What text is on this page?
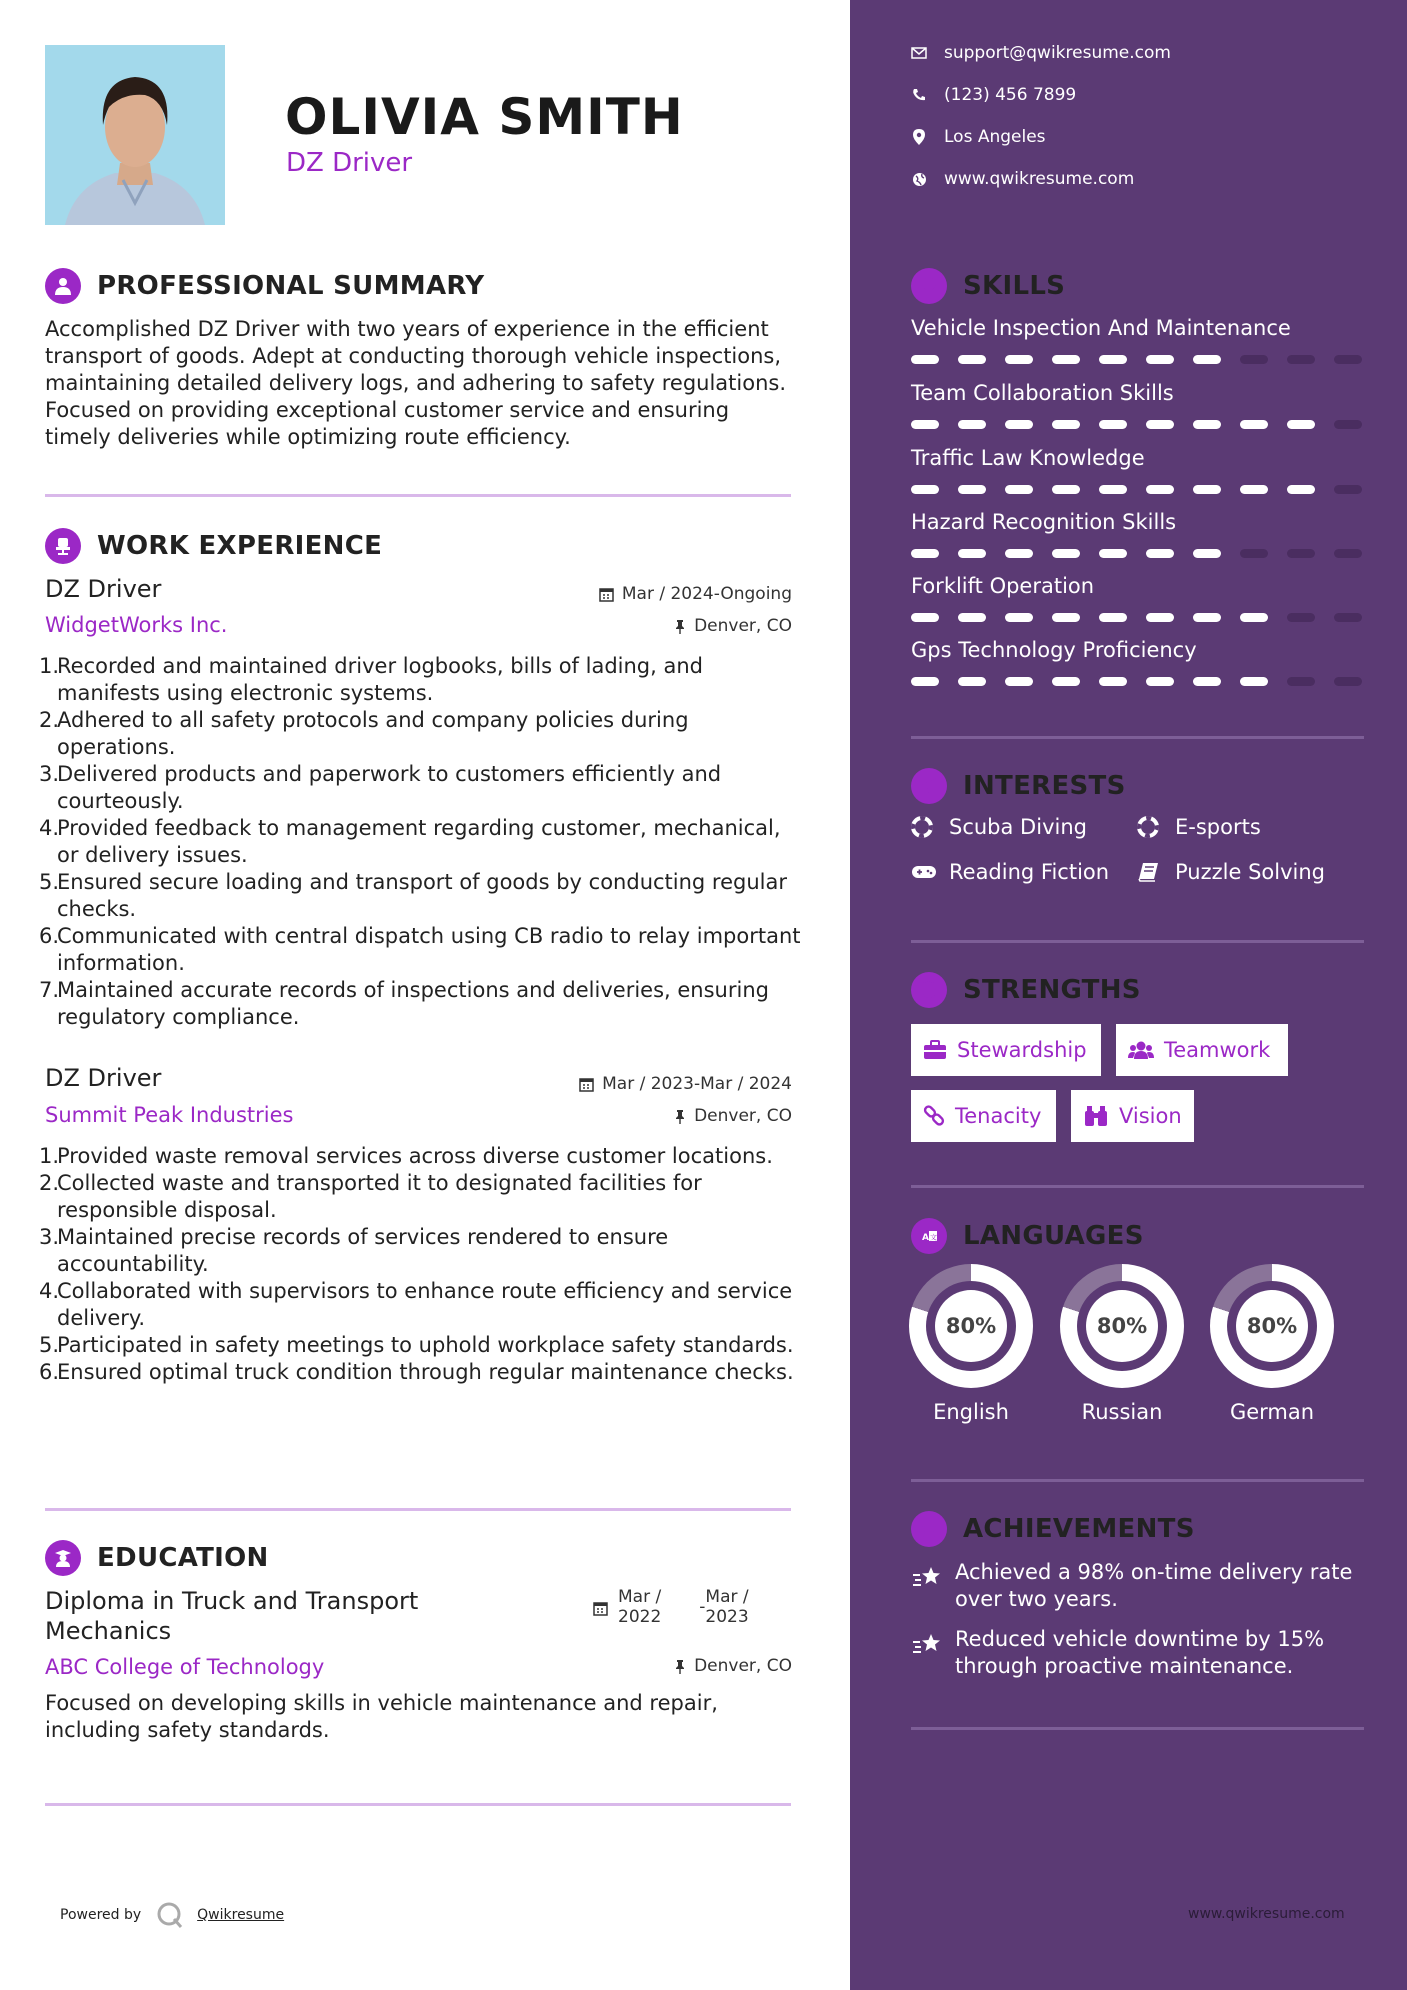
OLIVIA SMITH
DZ Driver
PROFESSIONAL SUMMARY
Accomplished DZ Driver with two years of experience in the efficient transport of goods. Adept at conducting thorough vehicle inspections, maintaining detailed delivery logs, and adhering to safety regulations. Focused on providing exceptional customer service and ensuring timely deliveries while optimizing route efficiency.
WORK EXPERIENCE
DZ Driver	Mar / 2024-Ongoing
WidgetWorks Inc.	Denver, CO
1.
Recorded and maintained driver logbooks, bills of lading, and manifests using electronic systems.
2.
Adhered to all safety protocols and company policies during operations.
3.
Delivered products and paperwork to customers efficiently and courteously.
4.
Provided feedback to management regarding customer, mechanical, or delivery issues.
5.
Ensured secure loading and transport of goods by conducting regular checks.
6.
Communicated with central dispatch using CB radio to relay important information.
7.
Maintained accurate records of inspections and deliveries, ensuring regulatory compliance.
DZ Driver	Mar / 2023-Mar / 2024
Summit Peak Industries	Denver, CO
1.
Provided waste removal services across diverse customer locations.
2.
Collected waste and transported it to designated facilities for responsible disposal.
3.
Maintained precise records of services rendered to ensure accountability.
4.
Collaborated with supervisors to enhance route efficiency and service delivery.
5.
Participated in safety meetings to uphold workplace safety standards.
6.
Ensured optimal truck condition through regular maintenance checks.
EDUCATION
Diploma in Truck and Transport
Mechanics
Mar /
2022 - Mar /
2023
ABC College of Technology	Denver, CO
Focused on developing skills in vehicle maintenance and repair, including safety standards.
Powered by	Qwikresume
support@qwikresume.com
(123) 456 7899
Los Angeles
www.qwikresume.com
SKILLS
Vehicle Inspection And Maintenance
Team Collaboration Skills
Traffic Law Knowledge
Hazard Recognition Skills
Forklift Operation
Gps Technology Proficiency
INTERESTS
Scuba Diving	E-sports
Reading Fiction	Puzzle Solving
STRENGTHS
Stewardship	Teamwork
Tenacity	Vision
A 文 LANGUAGES
80%
English
80%
Russian
80%
German
ACHIEVEMENTS
Achieved a 98% on-time delivery rate over two years.
Reduced vehicle downtime by 15% through proactive maintenance.
www.qwikresume.com
